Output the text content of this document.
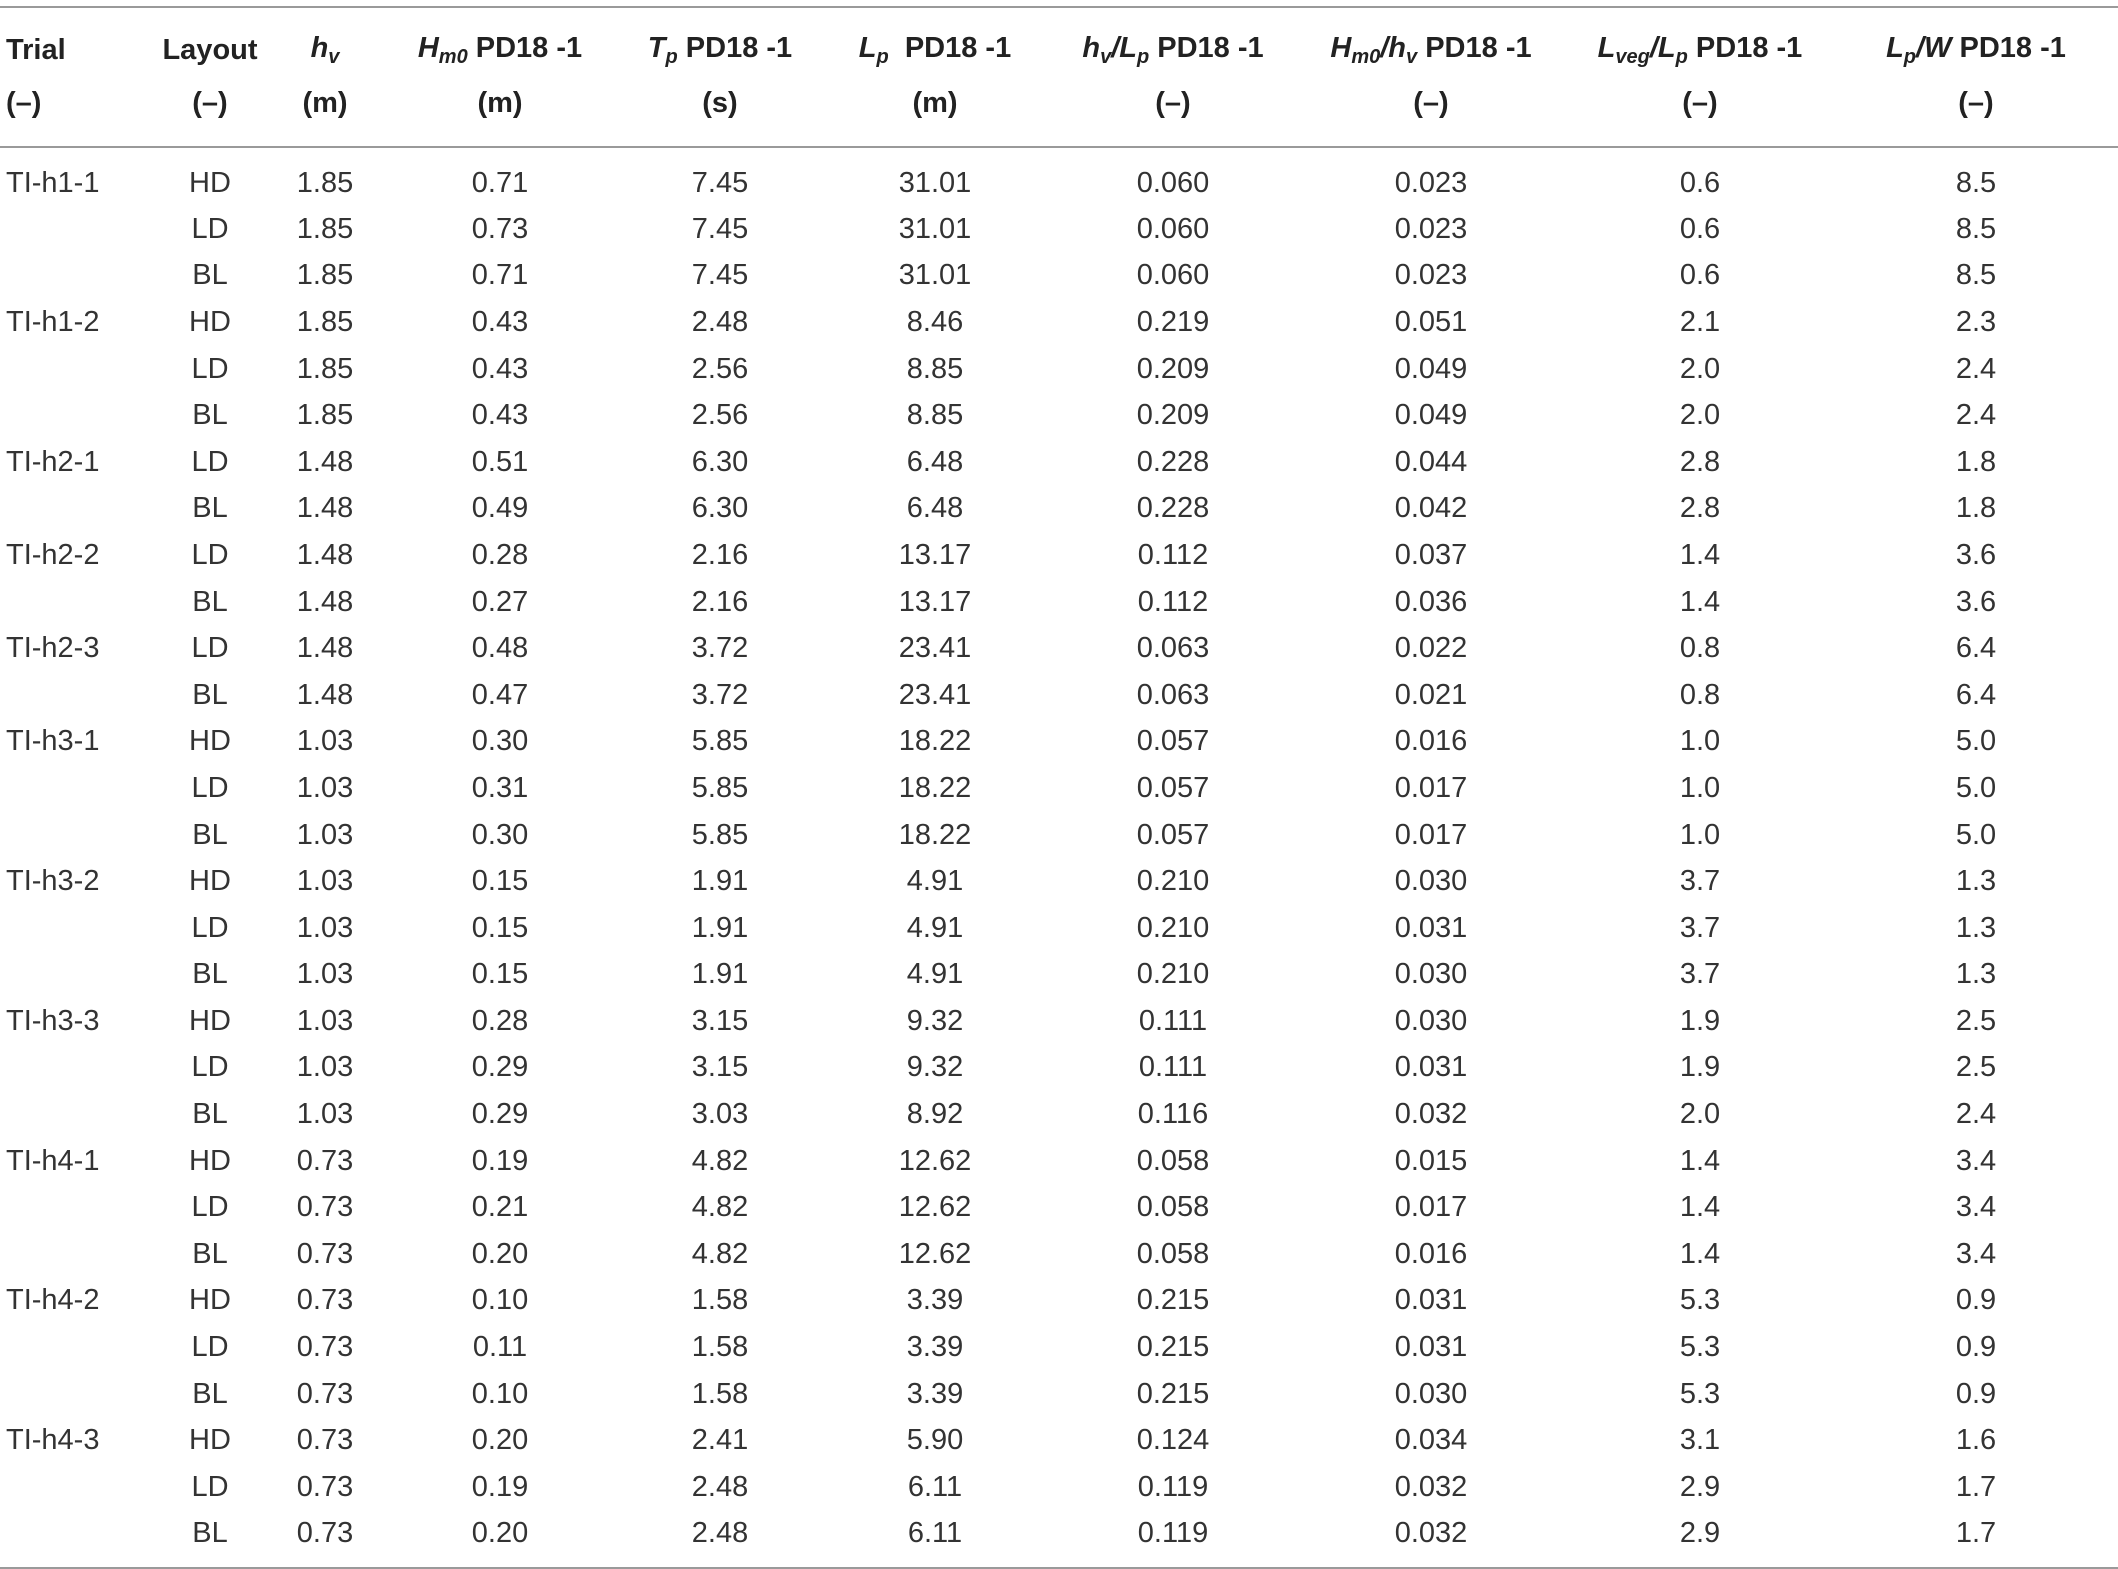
Trial	Layout	$h_v$	$H_{m0}$ PD18 -1	$T_p$ PD18 -1	$L_p$  PD18 -1	$h_v/L_p$ PD18 -1	$H_{m0}/h_v$ PD18 -1	$L_{veg}/L_p$ PD18 -1	$L_p/W$ PD18 -1
(–)	(–)	(m)	(m)	(s)	(m)	(–)	(–)	(–)	(–)
TI-h1-1	HD	1.85	0.71	7.45	31.01	0.060	0.023	0.6	8.5
	LD	1.85	0.73	7.45	31.01	0.060	0.023	0.6	8.5
	BL	1.85	0.71	7.45	31.01	0.060	0.023	0.6	8.5
TI-h1-2	HD	1.85	0.43	2.48	8.46	0.219	0.051	2.1	2.3
	LD	1.85	0.43	2.56	8.85	0.209	0.049	2.0	2.4
	BL	1.85	0.43	2.56	8.85	0.209	0.049	2.0	2.4
TI-h2-1	LD	1.48	0.51	6.30	6.48	0.228	0.044	2.8	1.8
	BL	1.48	0.49	6.30	6.48	0.228	0.042	2.8	1.8
TI-h2-2	LD	1.48	0.28	2.16	13.17	0.112	0.037	1.4	3.6
	BL	1.48	0.27	2.16	13.17	0.112	0.036	1.4	3.6
TI-h2-3	LD	1.48	0.48	3.72	23.41	0.063	0.022	0.8	6.4
	BL	1.48	0.47	3.72	23.41	0.063	0.021	0.8	6.4
TI-h3-1	HD	1.03	0.30	5.85	18.22	0.057	0.016	1.0	5.0
	LD	1.03	0.31	5.85	18.22	0.057	0.017	1.0	5.0
	BL	1.03	0.30	5.85	18.22	0.057	0.017	1.0	5.0
TI-h3-2	HD	1.03	0.15	1.91	4.91	0.210	0.030	3.7	1.3
	LD	1.03	0.15	1.91	4.91	0.210	0.031	3.7	1.3
	BL	1.03	0.15	1.91	4.91	0.210	0.030	3.7	1.3
TI-h3-3	HD	1.03	0.28	3.15	9.32	0.111	0.030	1.9	2.5
	LD	1.03	0.29	3.15	9.32	0.111	0.031	1.9	2.5
	BL	1.03	0.29	3.03	8.92	0.116	0.032	2.0	2.4
TI-h4-1	HD	0.73	0.19	4.82	12.62	0.058	0.015	1.4	3.4
	LD	0.73	0.21	4.82	12.62	0.058	0.017	1.4	3.4
	BL	0.73	0.20	4.82	12.62	0.058	0.016	1.4	3.4
TI-h4-2	HD	0.73	0.10	1.58	3.39	0.215	0.031	5.3	0.9
	LD	0.73	0.11	1.58	3.39	0.215	0.031	5.3	0.9
	BL	0.73	0.10	1.58	3.39	0.215	0.030	5.3	0.9
TI-h4-3	HD	0.73	0.20	2.41	5.90	0.124	0.034	3.1	1.6
	LD	0.73	0.19	2.48	6.11	0.119	0.032	2.9	1.7
	BL	0.73	0.20	2.48	6.11	0.119	0.032	2.9	1.7
